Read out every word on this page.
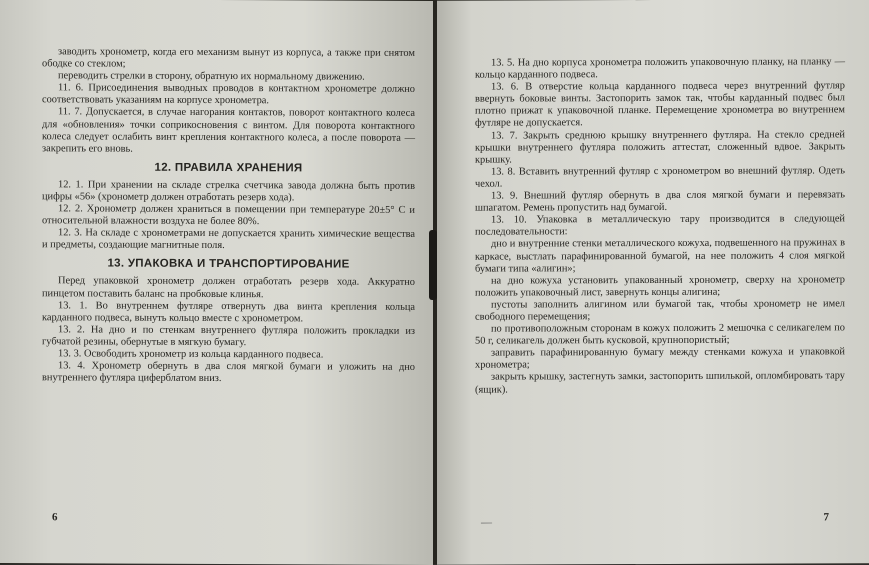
заводить хронометр, когда его механизм вынут из корпуса, а также при снятом ободке со стеклом;

переводить стрелки в сторону, обратную их нормальному движению.

11. 6. Присоединения выводных проводов в контактном хронометре должно соответствовать указаниям на корпусе хронометра.

11. 7. Допускается, в случае нагорания контактов, поворот контактного колеса для «обновления» точки соприкосновения с винтом. Для поворота контактного колеса следует ослабить винт крепления контактного колеса, а после поворота — закрепить его вновь.

12. ПРАВИЛА ХРАНЕНИЯ

12. 1. При хранении на складе стрелка счетчика завода должна быть против цифры «56» (хронометр должен отработать резерв хода).

12. 2. Хронометр должен храниться в помещении при температуре 20±5° С и относительной влажности воздуха не более 80%.

12. 3. На складе с хронометрами не допускается хранить химические вещества и предметы, создающие магнитные поля.

13. УПАКОВКА И ТРАНСПОРТИРОВАНИЕ

Перед упаковкой хронометр должен отработать резерв хода. Аккуратно пинцетом поставить баланс на пробковые клинья.

13. 1. Во внутреннем футляре отвернуть два винта крепления кольца карданного подвеса, вынуть кольцо вместе с хронометром.

13. 2. На дно и по стенкам внутреннего футляра положить прокладки из губчатой резины, обернутые в мягкую бумагу.

13. 3. Освободить хронометр из кольца карданного подвеса.

13. 4. Хронометр обернуть в два слоя мягкой бумаги и уложить на дно внутреннего футляра циферблатом вниз.

6

13. 5. На дно корпуса хронометра положить упаковочную планку, на планку — кольцо карданного подвеса.

13. 6. В отверстие кольца карданного подвеса через внутренний футляр ввернуть боковые винты. Застопорить замок так, чтобы карданный подвес был плотно прижат к упаковочной планке. Перемещение хронометра во внутреннем футляре не допускается.

13. 7. Закрыть среднюю крышку внутреннего футляра. На стекло средней крышки внутреннего футляра положить аттестат, сложенный вдвое. Закрыть крышку.

13. 8. Вставить внутренний футляр с хронометром во внешний футляр. Одеть чехол.

13. 9. Внешний футляр обернуть в два слоя мягкой бумаги и перевязать шпагатом. Ремень пропустить над бумагой.

13. 10. Упаковка в металлическую тару производится в следующей последовательности:

дно и внутренние стенки металлического кожуха, подвешенного на пружинах в каркасе, выстлать парафинированной бумагой, на нее положить 4 слоя мягкой бумаги типа «алигин»;

на дно кожуха установить упакованный хронометр, сверху на хронометр положить упаковочный лист, завернуть концы алигина;

пустоты заполнить алигином или бумагой так, чтобы хронометр не имел свободного перемещения;

по противоположным сторонам в кожух положить 2 мешочка с селикагелем по 50 г, селикагель должен быть кусковой, крупнопористый;

заправить парафинированную бумагу между стенками кожуха и упаковкой хронометра;

закрыть крышку, застегнуть замки, застопорить шпилькой, опломбировать тару (ящик).

—	7
